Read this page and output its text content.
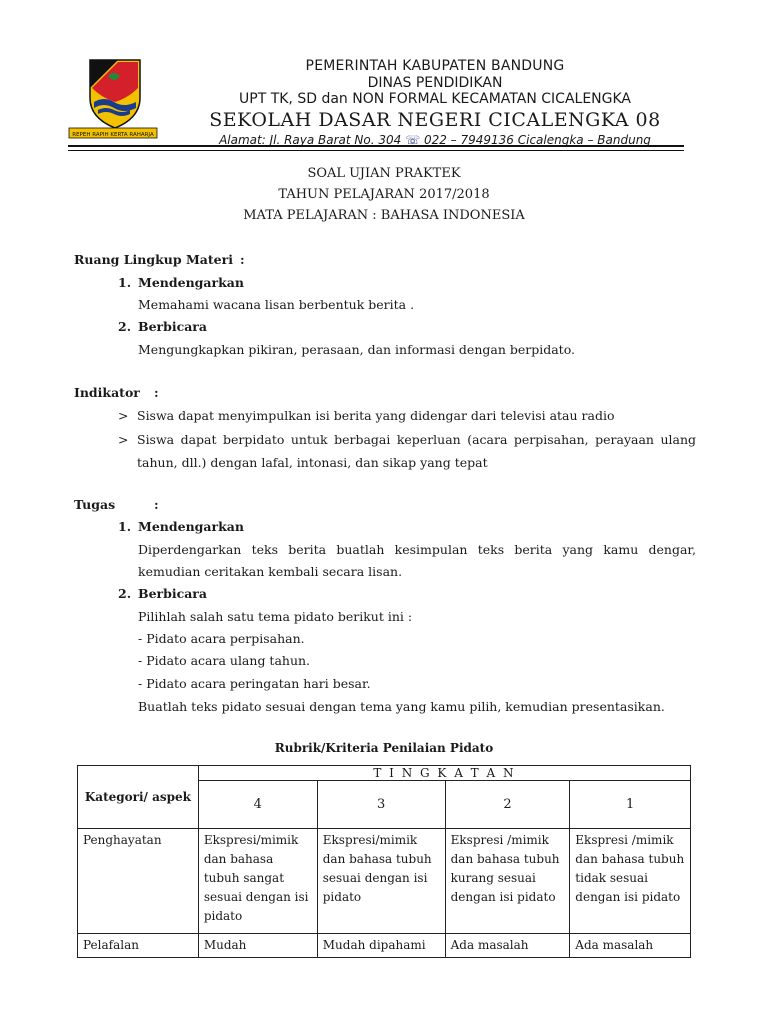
REPEH RAPIH KERTA RAHARJA
PEMERINTAH KABUPATEN BANDUNG
DINAS PENDIDIKAN
UPT TK, SD dan NON FORMAL KECAMATAN CICALENGKA
SEKOLAH DASAR NEGERI CICALENGKA 08
Alamat: Jl. Raya Barat No. 304 ☏ 022 – 7949136 Cicalengka – Bandung
SOAL UJIAN PRAKTEK
TAHUN PELAJARAN 2017/2018
MATA PELAJARAN : BAHASA INDONESIA
Ruang Lingkup Materi :
1. Mendengarkan
Memahami wacana lisan berbentuk berita .
2. Berbicara
Mengungkapkan pikiran, perasaan, dan informasi dengan berpidato.
Indikator :
> Siswa dapat menyimpulkan isi berita yang didengar dari televisi atau radio
> Siswa dapat berpidato untuk berbagai keperluan (acara perpisahan, perayaan ulang
tahun, dll.) dengan lafal, intonasi, dan sikap yang tepat
Tugas	:
1. Mendengarkan
Diperdengarkan teks berita buatlah kesimpulan teks berita yang kamu dengar,
kemudian ceritakan kembali secara lisan.
2. Berbicara
Pilihlah salah satu tema pidato berikut ini :
- Pidato acara perpisahan.
- Pidato acara ulang tahun.
- Pidato acara peringatan hari besar.
Buatlah teks pidato sesuai dengan tema yang kamu pilih, kemudian presentasikan.
Rubrik/Kriteria Penilaian Pidato
Kategori/ aspek	T I N G K A T A N			
	4	3	2	1
Penghayatan	Ekspresi/mimik dan bahasa tubuh sangat sesuai dengan isi pidato	Ekspresi/mimik dan bahasa tubuh sesuai dengan isi pidato	Ekspresi /mimik dan bahasa tubuh kurang sesuai dengan isi pidato	Ekspresi /mimik dan bahasa tubuh tidak sesuai dengan isi pidato
Pelafalan	Mudah	Mudah dipahami	Ada masalah	Ada masalah
